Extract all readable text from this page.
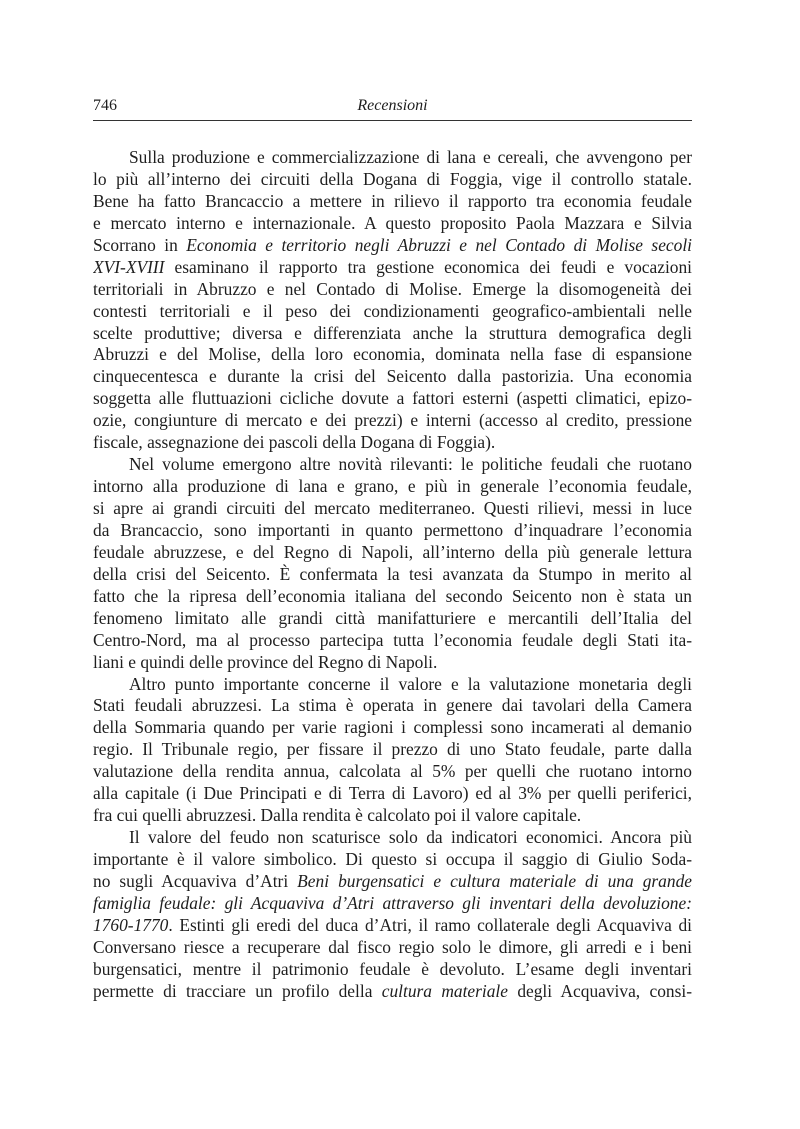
746	Recensioni
Sulla produzione e commercializzazione di lana e cereali, che avvengono per
lo più all’interno dei circuiti della Dogana di Foggia, vige il controllo statale.
Bene ha fatto Brancaccio a mettere in rilievo il rapporto tra economia feudale
e mercato interno e internazionale. A questo proposito Paola Mazzara e Silvia
Scorrano in Economia e territorio negli Abruzzi e nel Contado di Molise secoli
XVI-XVIII esaminano il rapporto tra gestione economica dei feudi e vocazioni
territoriali in Abruzzo e nel Contado di Molise. Emerge la disomogeneità dei
contesti territoriali e il peso dei condizionamenti geografico-ambientali nelle
scelte produttive; diversa e differenziata anche la struttura demografica degli
Abruzzi e del Molise, della loro economia, dominata nella fase di espansione
cinquecentesca e durante la crisi del Seicento dalla pastorizia. Una economia
soggetta alle fluttuazioni cicliche dovute a fattori esterni (aspetti climatici, epizo-
ozie, congiunture di mercato e dei prezzi) e interni (accesso al credito, pressione
fiscale, assegnazione dei pascoli della Dogana di Foggia).
Nel volume emergono altre novità rilevanti: le politiche feudali che ruotano
intorno alla produzione di lana e grano, e più in generale l’economia feudale,
si apre ai grandi circuiti del mercato mediterraneo. Questi rilievi, messi in luce
da Brancaccio, sono importanti in quanto permettono d’inquadrare l’economia
feudale abruzzese, e del Regno di Napoli, all’interno della più generale lettura
della crisi del Seicento. È confermata la tesi avanzata da Stumpo in merito al
fatto che la ripresa dell’economia italiana del secondo Seicento non è stata un
fenomeno limitato alle grandi città manifatturiere e mercantili dell’Italia del
Centro-Nord, ma al processo partecipa tutta l’economia feudale degli Stati ita-
liani e quindi delle province del Regno di Napoli.
Altro punto importante concerne il valore e la valutazione monetaria degli
Stati feudali abruzzesi. La stima è operata in genere dai tavolari della Camera
della Sommaria quando per varie ragioni i complessi sono incamerati al demanio
regio. Il Tribunale regio, per fissare il prezzo di uno Stato feudale, parte dalla
valutazione della rendita annua, calcolata al 5% per quelli che ruotano intorno
alla capitale (i Due Principati e di Terra di Lavoro) ed al 3% per quelli periferici,
fra cui quelli abruzzesi. Dalla rendita è calcolato poi il valore capitale.
Il valore del feudo non scaturisce solo da indicatori economici. Ancora più
importante è il valore simbolico. Di questo si occupa il saggio di Giulio Soda-
no sugli Acquaviva d’Atri Beni burgensatici e cultura materiale di una grande
famiglia feudale: gli Acquaviva d’Atri attraverso gli inventari della devoluzione:
1760-1770. Estinti gli eredi del duca d’Atri, il ramo collaterale degli Acquaviva di
Conversano riesce a recuperare dal fisco regio solo le dimore, gli arredi e i beni
burgensatici, mentre il patrimonio feudale è devoluto. L’esame degli inventari
permette di tracciare un profilo della cultura materiale degli Acquaviva, consi-
